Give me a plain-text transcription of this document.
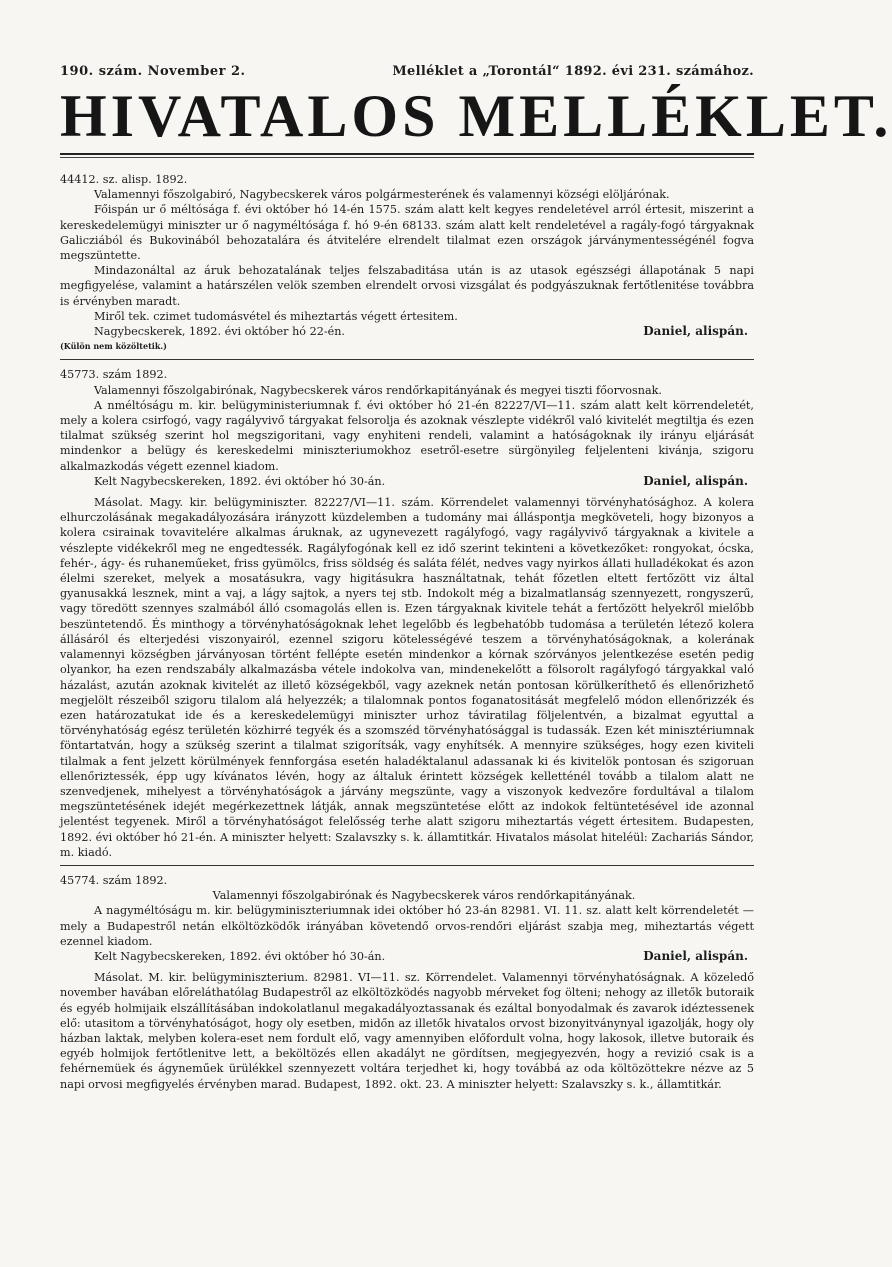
190. szám. November 2.	Melléklet a „Torontál“ 1892. évi 231. számához.
HIVATALOS MELLÉKLET.

44412. sz. alisp. 1892.

Valamennyi főszolgabiró, Nagybecskerek város polgármesterének és valamennyi községi elöljárónak.

Főispán ur ő méltósága f. évi október hó 14-én 1575. szám alatt kelt kegyes rendeletével arról értesit, miszerint a kereskedelemügyi miniszter ur ő nagyméltósága f. hó 9-én 68133. szám alatt kelt rendeletével a ragály-fogó tárgyaknak Galicziából és Bukovinából behozatalára és átvitelére elrendelt tilalmat ezen országok járványmentességénél fogva megszüntette.

Mindazonáltal az áruk behozatalának teljes felszabaditása után is az utasok egészségi állapotának 5 napi megfigyelése, valamint a határszélen velök szemben elrendelt orvosi vizsgálat és podgyászuknak fertőtlenitése továbbra is érvényben maradt.

Miről tek. czimet tudomásvétel és miheztartás végett értesitem.

Nagybecskerek, 1892. évi október hó 22-én.	Daniel, alispán.

(Külön nem közöltetik.)

45773. szám 1892.

Valamennyi főszolgabirónak, Nagybecskerek város rendőrkapitányának és megyei tiszti főorvosnak.

A nméltóságu m. kir. belügyministeriumnak f. évi október hó 21-én 82227/VI—11. szám alatt kelt körrendeletét, mely a kolera csirfogó, vagy ragályvivő tárgyakat felsorolja és azoknak vészlepte vidékről való kivitelét megtiltja és ezen tilalmat szükség szerint hol megszigoritani, vagy enyhiteni rendeli, valamint a hatóságoknak ily irányu eljárását mindenkor a belügy és kereskedelmi miniszteriumokhoz esetről-esetre sürgönyileg feljelenteni kivánja, szigoru alkalmazkodás végett ezennel kiadom.

Kelt Nagybecskereken, 1892. évi október hó 30-án.	Daniel, alispán.

Másolat. Magy. kir. belügyminiszter. 82227/VI—11. szám. Körrendelet valamennyi törvényhatósághoz. A kolera elhurczolásának megakadályozására irányzott küzdelemben a tudomány mai álláspontja megköveteli, hogy bizonyos a kolera csirainak tovavitelére alkalmas áruknak, az ugynevezett ragályfogó, vagy ragályvivő tárgyaknak a kivitele a vészlepte vidékekről meg ne engedtessék. Ragályfogónak kell ez idő szerint tekinteni a következőket: rongyokat, ócska, fehér-, ágy- és ruhaneműeket, friss gyümölcs, friss söldség és saláta félét, nedves vagy nyirkos állati hulladékokat és azon élelmi szereket, melyek a mosatásukra, vagy higitásukra használtatnak, tehát főzetlen eltett fertőzött viz által gyanusakká lesznek, mint a vaj, a lágy sajtok, a nyers tej stb. Indokolt még a bizalmatlanság szennyezett, rongyszerű, vagy töredött szennyes szalmából álló csomagolás ellen is. Ezen tárgyaknak kivitele tehát a fertőzött helyekről mielőbb beszüntetendő. És minthogy a törvényhatóságoknak lehet legelőbb és legbehatóbb tudomása a területén létező kolera állásáról és elterjedési viszonyairól, ezennel szigoru kötelességévé teszem a törvényhatóságoknak, a kolerának valamennyi községben járványosan történt fellépte esetén mindenkor a kórnak szórványos jelentkezése esetén pedig olyankor, ha ezen rendszabály alkalmazásba vétele indokolva van, mindenekelőtt a fölsorolt ragályfogó tárgyakkal való házalást, azután azoknak kivitelét az illető községekből, vagy azeknek netán pontosan körülkeríthető és ellenőrizhető megjelölt részeiből szigoru tilalom alá helyezzék; a tilalomnak pontos foganatositását megfelelő módon ellenőrizzék és ezen határozatukat ide és a kereskedelemügyi miniszter urhoz táviratilag följelentvén, a bizalmat egyuttal a törvényhatóság egész területén közhirré tegyék és a szomszéd törvényhatósággal is tudassák. Ezen két minisztériumnak föntartatván, hogy a szükség szerint a tilalmat szigorítsák, vagy enyhítsék. A mennyire szükséges, hogy ezen kiviteli tilalmak a fent jelzett körülmények fennforgása esetén haladéktalanul adassanak ki és kivitelök pontosan és szigoruan ellenőriztessék, épp ugy kívánatos lévén, hogy az általuk érintett községek kelletténél tovább a tilalom alatt ne szenvedjenek, mihelyest a törvényhatóságok a járvány megszünte, vagy a viszonyok kedvezőre fordultával a tilalom megszüntetésének idejét megérkezettnek látják, annak megszüntetése előtt az indokok feltüntetésével ide azonnal jelentést tegyenek. Miről a törvényhatóságot felelősség terhe alatt szigoru miheztartás végett értesitem. Budapesten, 1892. évi október hó 21-én. A miniszter helyett: Szalavszky s. k. államtitkár. Hivatalos másolat hiteléül: Zachariás Sándor, m. kiadó.

45774. szám 1892.

Valamennyi főszolgabirónak és Nagybecskerek város rendőrkapitányának.

A nagyméltóságu m. kir. belügyminiszteriumnak idei október hó 23-án 82981. VI. 11. sz. alatt kelt körrendeletét — mely a Budapestről netán elköltözködők irányában követendő orvos-rendőri eljárást szabja meg, miheztartás végett ezennel kiadom.

Kelt Nagybecskereken, 1892. évi október hó 30-án.	Daniel, alispán.

Másolat. M. kir. belügyminiszterium. 82981. VI—11. sz. Körrendelet. Valamennyi törvényhatóságnak. A közeledő november havában előreláthatólag Budapestről az elköltözködés nagyobb mérveket fog ölteni; nehogy az illetők butoraik és egyéb holmijaik elszállításában indokolatlanul megakadályoztassanak és ezáltal bonyodalmak és zavarok idéztessenek elő: utasitom a törvényhatóságot, hogy oly esetben, midőn az illetők hivatalos orvost bizonyitványnyal igazolják, hogy oly házban laktak, melyben kolera-eset nem fordult elő, vagy amennyiben előfordult volna, hogy lakosok, illetve butoraik és egyéb holmijok fertőtlenitve lett, a beköltözés ellen akadályt ne gördítsen, megjegyezvén, hogy a revizió csak is a fehérnemüek és ágyneműek ürülékkel szennyezett voltára terjedhet ki, hogy továbbá az oda költözöttekre nézve az 5 napi orvosi megfigyelés érvényben marad. Budapest, 1892. okt. 23. A miniszter helyett: Szalavszky s. k., államtitkár.
